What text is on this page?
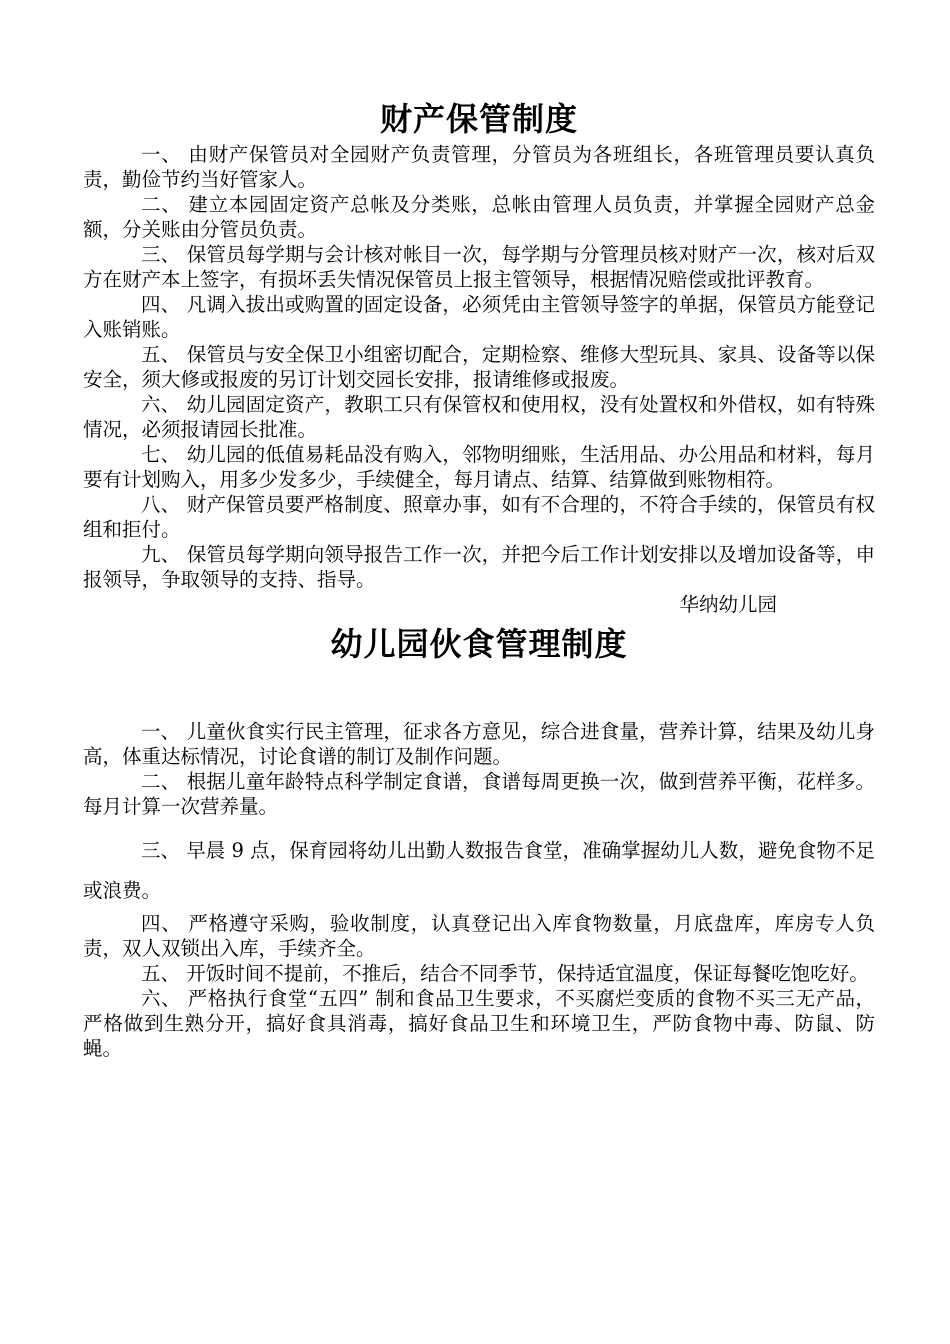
财产保管制度

一、 由财产保管员对全园财产负责管理，分管员为各班组长，各班管理员要认真负责，勤俭节约当好管家人。

二、 建立本园固定资产总帐及分类账，总帐由管理人员负责，并掌握全园财产总金额，分关账由分管员负责。

三、 保管员每学期与会计核对帐目一次，每学期与分管理员核对财产一次，核对后双方在财产本上签字，有损坏丢失情况保管员上报主管领导，根据情况赔偿或批评教育。

四、 凡调入拔出或购置的固定设备，必须凭由主管领导签字的单据，保管员方能登记入账销账。

五、 保管员与安全保卫小组密切配合，定期检察、维修大型玩具、家具、设备等以保安全，须大修或报废的另订计划交园长安排，报请维修或报废。

六、 幼儿园固定资产，教职工只有保管权和使用权，没有处置权和外借权，如有特殊情况，必须报请园长批准。

七、 幼儿园的低值易耗品没有购入，邻物明细账，生活用品、办公用品和材料，每月要有计划购入，用多少发多少，手续健全，每月请点、结算、结算做到账物相符。

八、 财产保管员要严格制度、照章办事，如有不合理的，不符合手续的，保管员有权组和拒付。

九、 保管员每学期向领导报告工作一次，并把今后工作计划安排以及增加设备等，申报领导，争取领导的支持、指导。

华纳幼儿园

幼儿园伙食管理制度

一、 儿童伙食实行民主管理，征求各方意见，综合进食量，营养计算，结果及幼儿身高，体重达标情况，讨论食谱的制订及制作问题。

二、 根据儿童年龄特点科学制定食谱，食谱每周更换一次，做到营养平衡，花样多。每月计算一次营养量。

三、 早晨 9 点，保育园将幼儿出勤人数报告食堂，准确掌握幼儿人数，避免食物不足或浪费。

四、 严格遵守采购，验收制度，认真登记出入库食物数量，月底盘库，库房专人负责，双人双锁出入库，手续齐全。

五、 开饭时间不提前，不推后，结合不同季节，保持适宜温度，保证每餐吃饱吃好。

六、 严格执行食堂“五四” 制和食品卫生要求，不买腐烂变质的食物不买三无产品，严格做到生熟分开，搞好食具消毒，搞好食品卫生和环境卫生，严防食物中毒、防鼠、防蝇。
